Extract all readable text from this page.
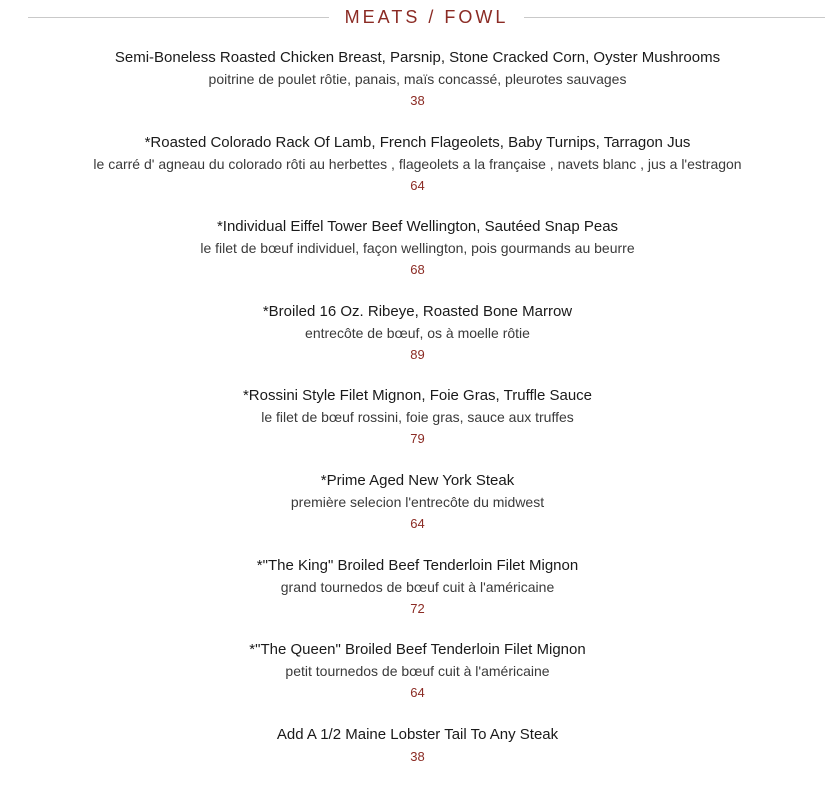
MEATS / FOWL
Semi-Boneless Roasted Chicken Breast, Parsnip, Stone Cracked Corn, Oyster Mushrooms
poitrine de poulet rôtie, panais, maïs concassé, pleurotes sauvages
38
*Roasted Colorado Rack Of Lamb, French Flageolets, Baby Turnips, Tarragon Jus
le carré d' agneau du colorado rôti au herbettes , flageolets a la française , navets blanc , jus a l'estragon
64
*Individual Eiffel Tower Beef Wellington, Sautéed Snap Peas
le filet de bœuf individuel, façon wellington, pois gourmands au beurre
68
*Broiled 16 Oz. Ribeye, Roasted Bone Marrow
entrecôte de bœuf, os à moelle rôtie
89
*Rossini Style Filet Mignon, Foie Gras, Truffle Sauce
le filet de bœuf rossini, foie gras, sauce aux truffes
79
*Prime Aged New York Steak
première selecion l'entrecôte du midwest
64
*"The King" Broiled Beef Tenderloin Filet Mignon
grand tournedos de bœuf cuit à l'américaine
72
*"The Queen" Broiled Beef Tenderloin Filet Mignon
petit tournedos de bœuf cuit à l'américaine
64
Add A 1/2 Maine Lobster Tail To Any Steak
38
